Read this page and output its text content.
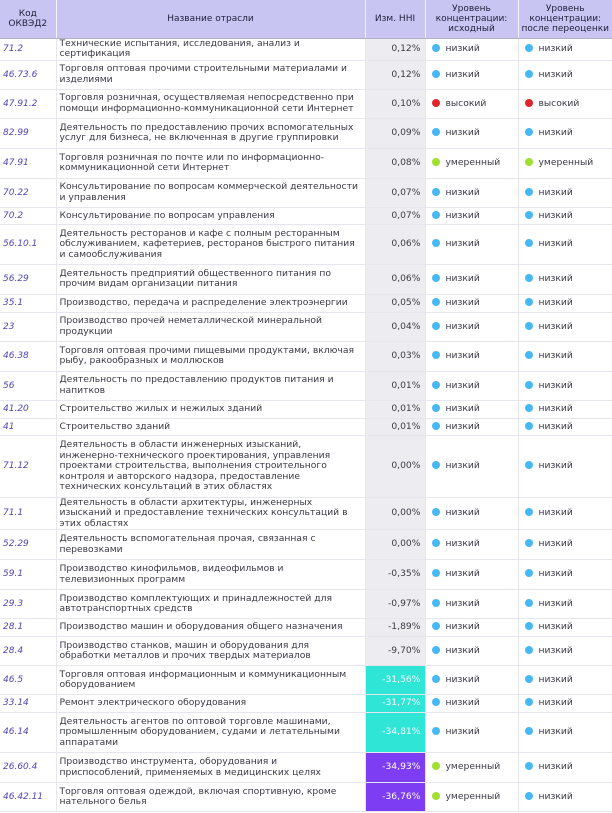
Код ОКВЭД2	Название отрасли	Изм. HHI	Уровень концентрации: исходный	Уровень концентрации: после переоценки
71.2	Технические испытания, исследования, анализ и сертификация	0,12%	низкий	низкий
46.73.6	Торговля оптовая прочими строительными материалами и изделиями	0,12%	низкий	низкий
47.91.2	Торговля розничная, осуществляемая непосредственно при помощи информационно-коммуникационной сети Интернет	0,10%	высокий	высокий
82.99	Деятельность по предоставлению прочих вспомогательных услуг для бизнеса, не включенная в другие группировки	0,09%	низкий	низкий
47.91	Торговля розничная по почте или по информационно-коммуникационной сети Интернет	0,08%	умеренный	умеренный
70.22	Консультирование по вопросам коммерческой деятельности и управления	0,07%	низкий	низкий
70.2	Консультирование по вопросам управления	0,07%	низкий	низкий
56.10.1	Деятельность ресторанов и кафе с полным ресторанным обслуживанием, кафетериев, ресторанов быстрого питания и самообслуживания	0,06%	низкий	низкий
56.29	Деятельность предприятий общественного питания по прочим видам организации питания	0,06%	низкий	низкий
35.1	Производство, передача и распределение электроэнергии	0,05%	низкий	низкий
23	Производство прочей неметаллической минеральной продукции	0,04%	низкий	низкий
46.38	Торговля оптовая прочими пищевыми продуктами, включая рыбу, ракообразных и моллюсков	0,03%	низкий	низкий
56	Деятельность по предоставлению продуктов питания и напитков	0,01%	низкий	низкий
41.20	Строительство жилых и нежилых зданий	0,01%	низкий	низкий
41	Строительство зданий	0,01%	низкий	низкий
71.12	Деятельность в области инженерных изысканий, инженерно-технического проектирования, управления проектами строительства, выполнения строительного контроля и авторского надзора, предоставление технических консультаций в этих областях	0,00%	низкий	низкий
71.1	Деятельность в области архитектуры, инженерных изысканий и предоставление технических консультаций в этих областях	0,00%	низкий	низкий
52.29	Деятельность вспомогательная прочая, связанная с перевозками	0,00%	низкий	низкий
59.1	Производство кинофильмов, видеофильмов и телевизионных программ	-0,35%	низкий	низкий
29.3	Производство комплектующих и принадлежностей для автотранспортных средств	-0,97%	низкий	низкий
28.1	Производство машин и оборудования общего назначения	-1,89%	низкий	низкий
28.4	Производство станков, машин и оборудования для обработки металлов и прочих твердых материалов	-9,70%	низкий	низкий
46.5	Торговля оптовая информационным и коммуникационным оборудованием	-31,56%	низкий	низкий
33.14	Ремонт электрического оборудования	-31,77%	низкий	низкий
46.14	Деятельность агентов по оптовой торговле машинами, промышленным оборудованием, судами и летательными аппаратами	-34,81%	низкий	низкий
26.60.4	Производство инструмента, оборудования и приспособлений, применяемых в медицинских целях	-34,93%	умеренный	низкий
46.42.11	Торговля оптовая одеждой, включая спортивную, кроме нательного белья	-36,76%	умеренный	низкий
